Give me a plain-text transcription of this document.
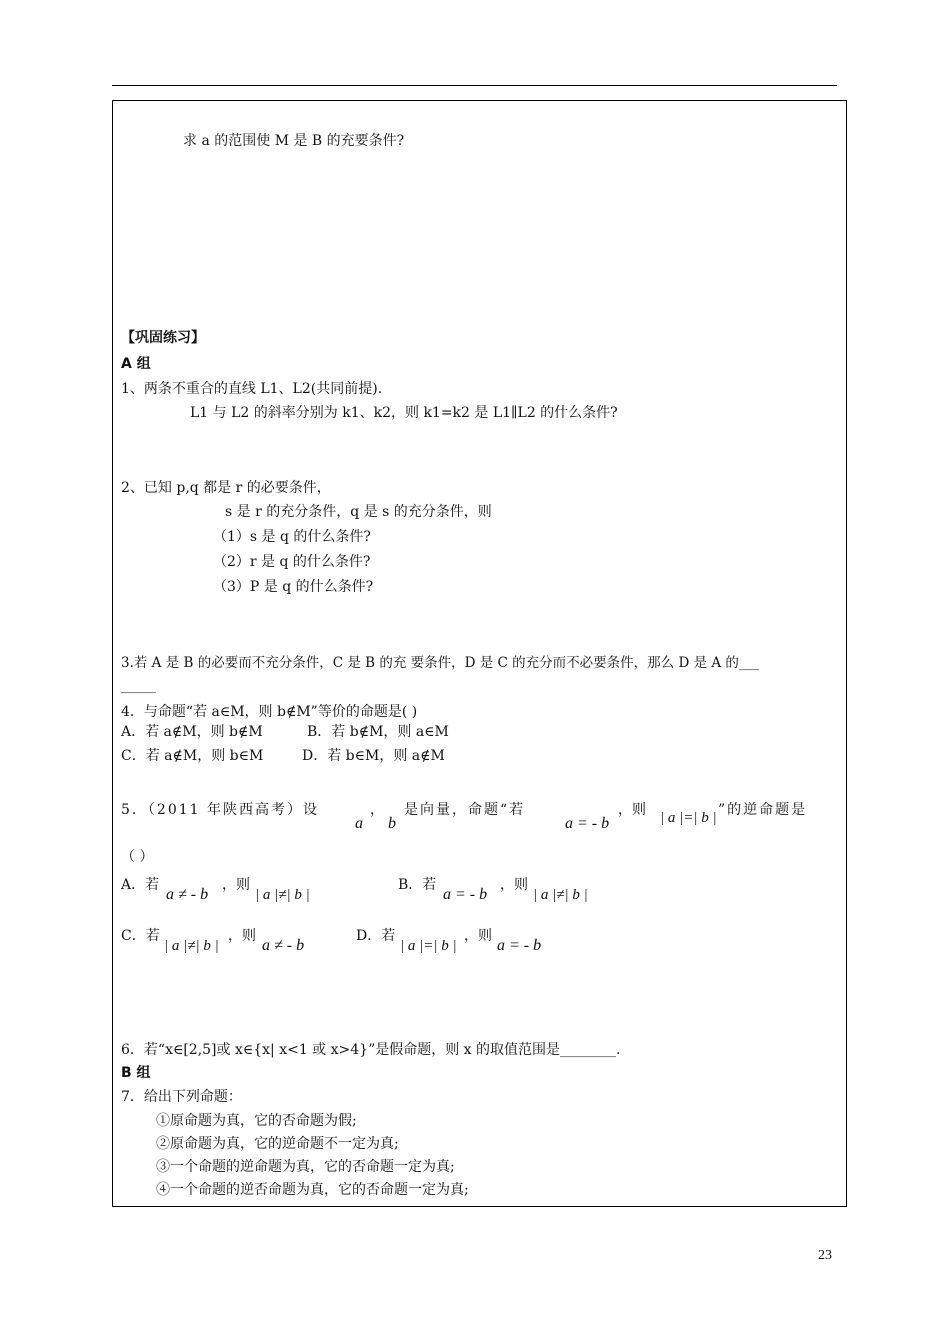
求 a 的范围使 M 是 B 的充要条件?
【巩固练习】
A 组
1、两条不重合的直线 L1、L2(共同前提).
L1 与 L2 的斜率分别为 k1、k2，则 k1=k2 是 L1∥L2 的什么条件?
2、已知 p,q 都是 r 的必要条件，
s 是 r 的充分条件，q 是 s 的充分条件，则
（1）s 是 q 的什么条件?
（2）r 是 q 的什么条件?
（3）P 是 q 的什么条件?
3.若 A 是 B 的必要而不充分条件，C 是 B 的充 要条件，D 是 C 的充分而不必要条件，那么 D 是 A 的___
_____
4．与命题“若 a∈M，则 b∉M”等价的命题是( )
A．若 a∉M，则 b∉M	B．若 b∉M，则 a∈M
C．若 a∉M，则 b∈M	D．若 b∈M，则 a∉M
5．（2011 年陕西高考）设
a
，
b
是向量，命题“若
a = - b
，则 | a |=| b | ”的逆命题是
（ ）
A．若
a ≠ - b
，则
| a |≠| b |
B．若
a = - b
，则
| a |≠| b |
C．若
| a |≠| b |
，则
a ≠ - b
D．若
| a |=| b |
，则
a = - b
6．若“x∈[2,5]或 x∈{x| x<1 或 x>4}”是假命题，则 x 的取值范围是________.
B 组
7．给出下列命题：
①原命题为真，它的否命题为假;
②原命题为真，它的逆命题不一定为真;
③一个命题的逆命题为真，它的否命题一定为真;
④一个命题的逆否命题为真，它的否命题一定为真;
23
